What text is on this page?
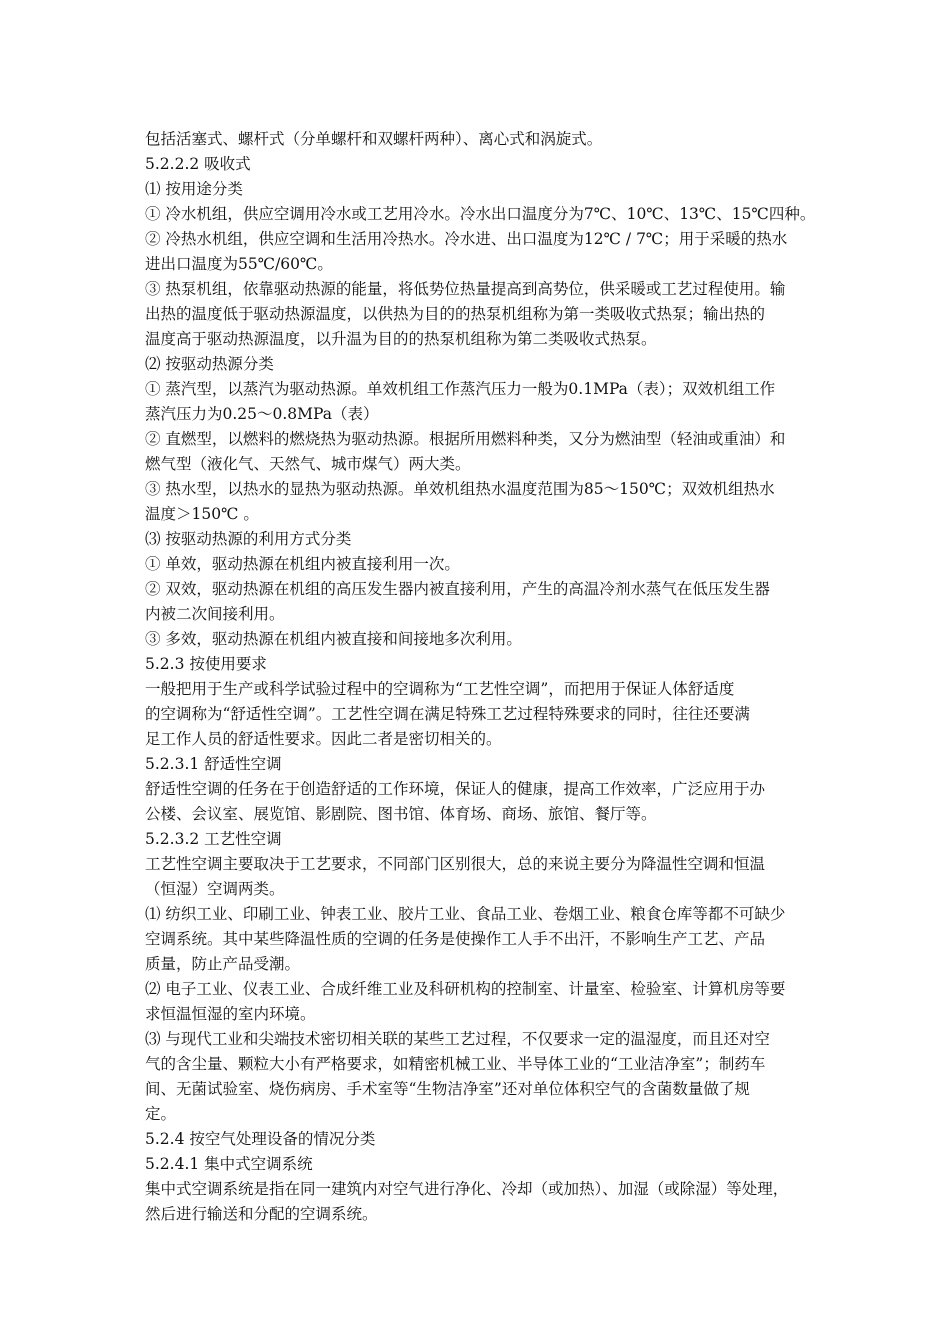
包括活塞式、螺杆式（分单螺杆和双螺杆两种）、离心式和涡旋式。
5.2.2.2 吸收式
⑴ 按用途分类
① 冷水机组，供应空调用冷水或工艺用冷水。冷水出口温度分为7℃、10℃、13℃、15℃四种。
② 冷热水机组，供应空调和生活用冷热水。冷水进、出口温度为12℃ / 7℃；用于采暖的热水
进出口温度为55℃/60℃。
③ 热泵机组，依靠驱动热源的能量，将低势位热量提高到高势位，供采暖或工艺过程使用。输
出热的温度低于驱动热源温度，以供热为目的的热泵机组称为第一类吸收式热泵；输出热的
温度高于驱动热源温度，以升温为目的的热泵机组称为第二类吸收式热泵。
⑵ 按驱动热源分类
① 蒸汽型，以蒸汽为驱动热源。单效机组工作蒸汽压力一般为0.1MPa（表）；双效机组工作
蒸汽压力为0.25～0.8MPa（表）
② 直燃型，以燃料的燃烧热为驱动热源。根据所用燃料种类，又分为燃油型（轻油或重油）和
燃气型（液化气、天然气、城市煤气）两大类。
③ 热水型，以热水的显热为驱动热源。单效机组热水温度范围为85～150℃；双效机组热水
温度＞150℃ 。
⑶ 按驱动热源的利用方式分类
① 单效，驱动热源在机组内被直接利用一次。
② 双效，驱动热源在机组的高压发生器内被直接利用，产生的高温冷剂水蒸气在低压发生器
内被二次间接利用。
③ 多效，驱动热源在机组内被直接和间接地多次利用。
5.2.3 按使用要求
一般把用于生产或科学试验过程中的空调称为“工艺性空调”，而把用于保证人体舒适度
的空调称为“舒适性空调”。工艺性空调在满足特殊工艺过程特殊要求的同时，往往还要满
足工作人员的舒适性要求。因此二者是密切相关的。
5.2.3.1 舒适性空调
舒适性空调的任务在于创造舒适的工作环境，保证人的健康，提高工作效率，广泛应用于办
公楼、会议室、展览馆、影剧院、图书馆、体育场、商场、旅馆、餐厅等。
5.2.3.2 工艺性空调
工艺性空调主要取决于工艺要求，不同部门区别很大，总的来说主要分为降温性空调和恒温
（恒湿）空调两类。
⑴ 纺织工业、印刷工业、钟表工业、胶片工业、食品工业、卷烟工业、粮食仓库等都不可缺少
空调系统。其中某些降温性质的空调的任务是使操作工人手不出汗，不影响生产工艺、产品
质量，防止产品受潮。
⑵ 电子工业、仪表工业、合成纤维工业及科研机构的控制室、计量室、检验室、计算机房等要
求恒温恒湿的室内环境。
⑶ 与现代工业和尖端技术密切相关联的某些工艺过程，不仅要求一定的温湿度，而且还对空
气的含尘量、颗粒大小有严格要求，如精密机械工业、半导体工业的“工业洁净室”；制药车
间、无菌试验室、烧伤病房、手术室等“生物洁净室”还对单位体积空气的含菌数量做了规
定。
5.2.4 按空气处理设备的情况分类
5.2.4.1 集中式空调系统
集中式空调系统是指在同一建筑内对空气进行净化、冷却（或加热）、加湿（或除湿）等处理，
然后进行输送和分配的空调系统。
